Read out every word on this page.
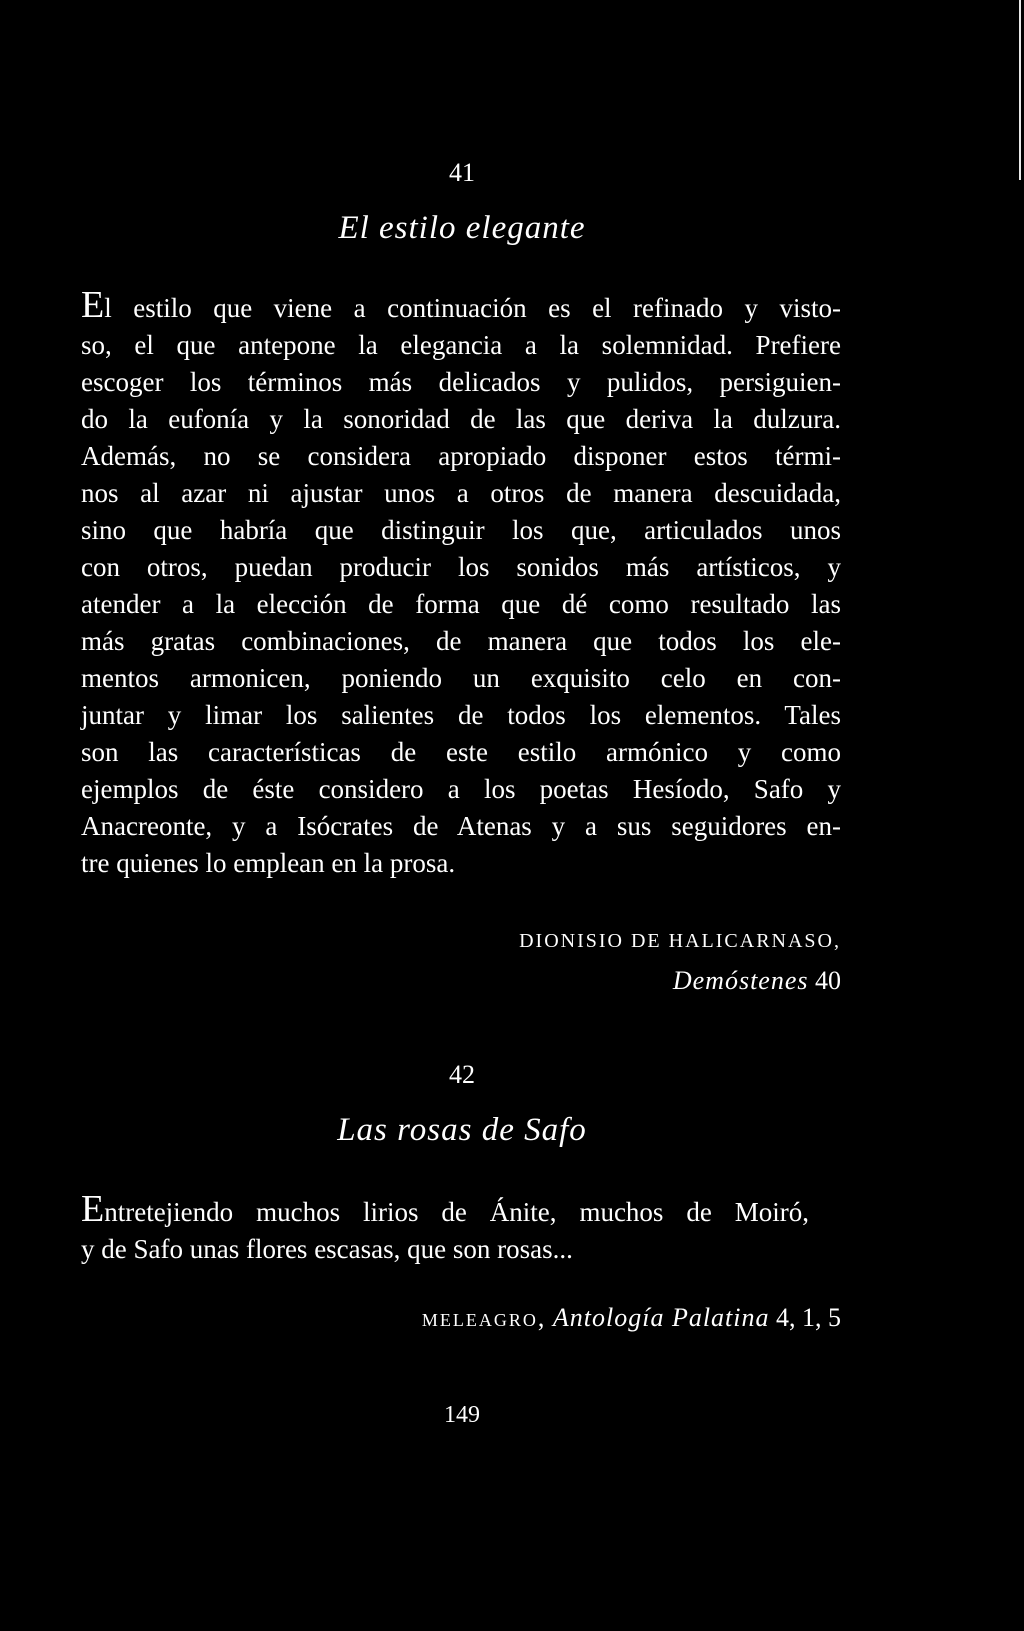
41
El estilo elegante
El estilo que viene a continuación es el refinado y visto-
so, el que antepone la elegancia a la solemnidad. Prefiere
escoger los términos más delicados y pulidos, persiguien-
do la eufonía y la sonoridad de las que deriva la dulzura.
Además, no se considera apropiado disponer estos térmi-
nos al azar ni ajustar unos a otros de manera descuidada,
sino que habría que distinguir los que, articulados unos
con otros, puedan producir los sonidos más artísticos, y
atender a la elección de forma que dé como resultado las
más gratas combinaciones, de manera que todos los ele-
mentos armonicen, poniendo un exquisito celo en con-
juntar y limar los salientes de todos los elementos. Tales
son las características de este estilo armónico y como
ejemplos de éste considero a los poetas Hesíodo, Safo y
Anacreonte, y a Isócrates de Atenas y a sus seguidores en-
tre quienes lo emplean en la prosa.
DIONISIO DE HALICARNASO,
Demóstenes 40
42
Las rosas de Safo
Entretejiendo muchos lirios de Ánite, muchos de Moiró,
y de Safo unas flores escasas, que son rosas...
meleagro, Antología Palatina 4, 1, 5
149
